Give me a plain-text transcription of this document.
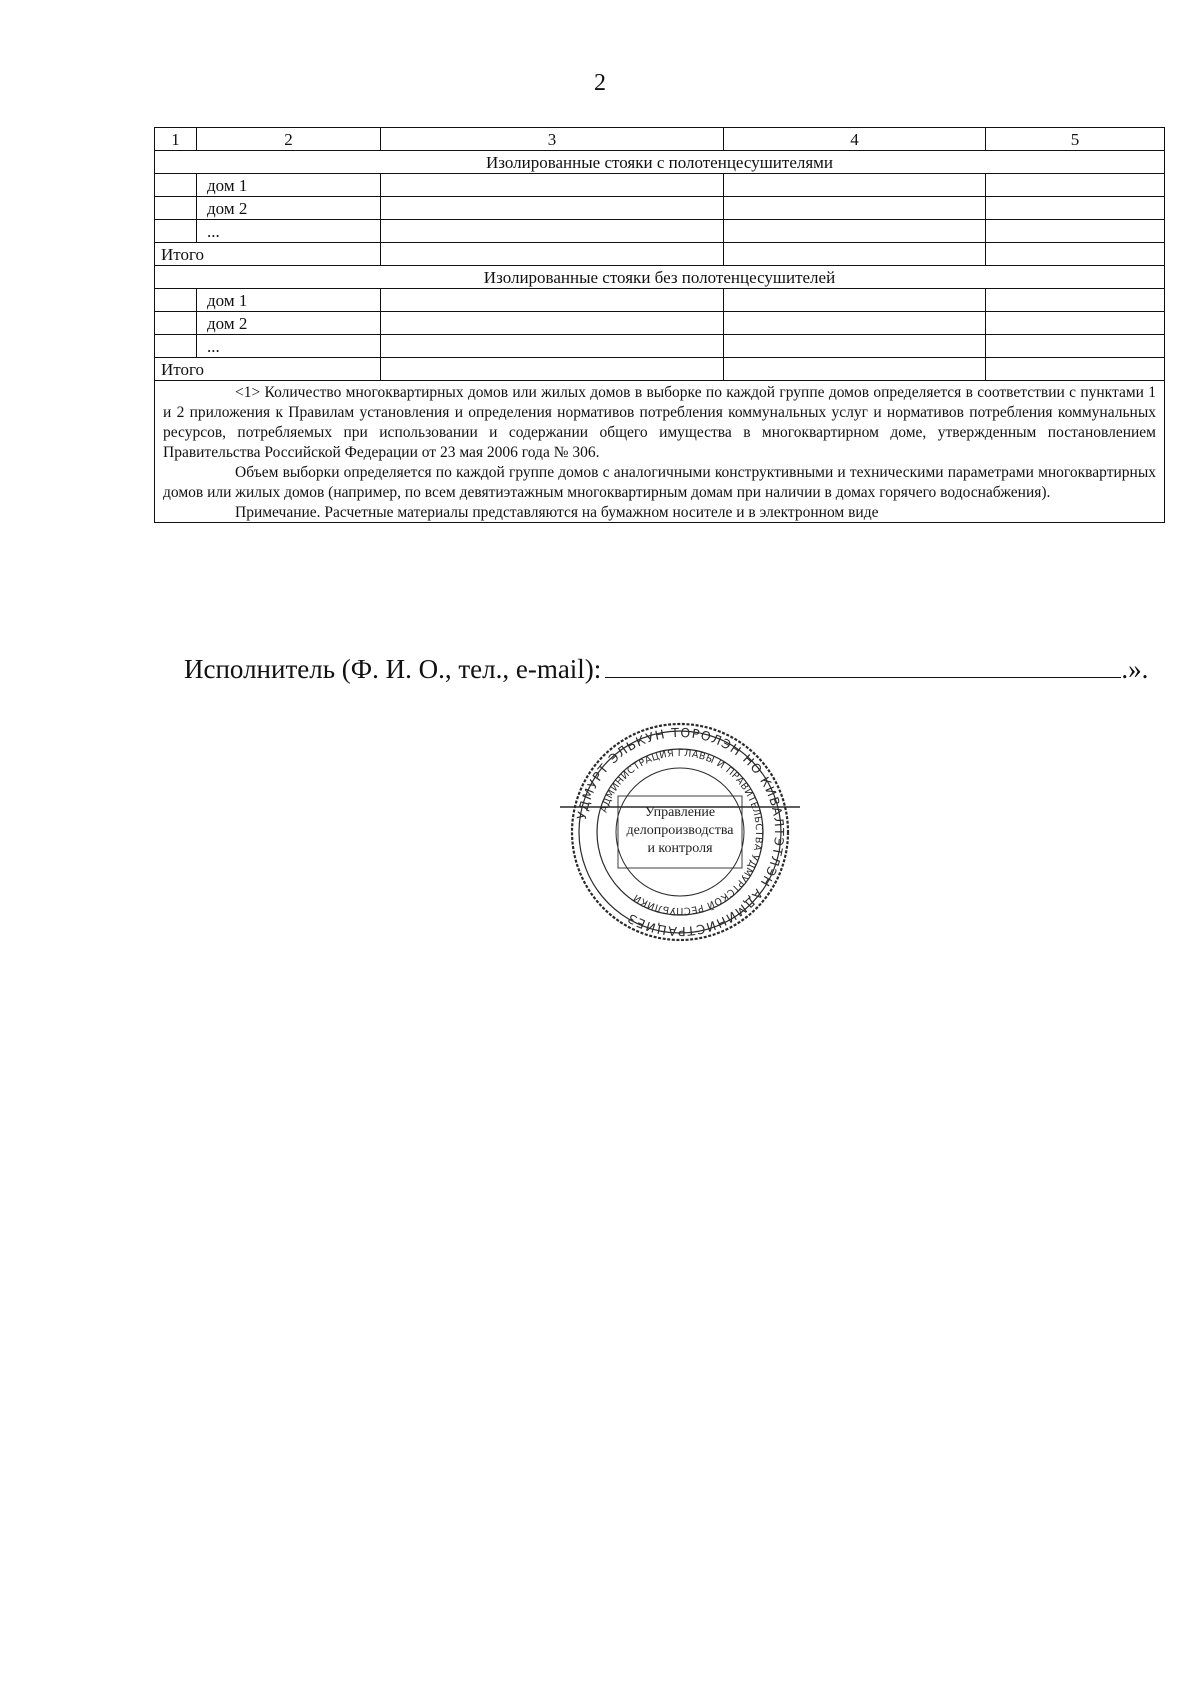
2
1	2	3	4	5
Изолированные стояки с полотенцесушителями				
	дом 1			
	дом 2			
	...			
Итого				
Изолированные стояки без полотенцесушителей				
	дом 1			
	дом 2			
	...			
Итого				

<1> Количество многоквартирных домов или жилых домов в выборке по каждой группе домов определяется в соответствии с пунктами 1 и 2 приложения к Правилам установления и определения нормативов потребления коммунальных услуг и нормативов потребления коммунальных ресурсов, потребляемых при использовании и содержании общего имущества в многоквартирном доме, утвержденным постановлением Правительства Российской Федерации от 23 мая 2006 года № 306.

Объем выборки определяется по каждой группе домов с аналогичными конструктивными и техническими параметрами многоквартирных домов или жилых домов (например, по всем девятиэтажным многоквартирным домам при наличии в домах горячего водоснабжения).

Примечание. Расчетные материалы представляются на бумажном носителе и в электронном виде				

Исполнитель (Ф. И. О., тел., e-mail):	.».
УДМУРТ ЭЛЬКУН ТОРОЛЭН НО КИВАЛТЭТЛЭН АДМИНИСТРАЦИЕЗ
АДМИНИСТРАЦИЯ ГЛАВЫ И ПРАВИТЕЛЬСТВА УДМУРТСКОЙ РЕСПУБЛИКИ
Управление
делопроизводства
и контроля
